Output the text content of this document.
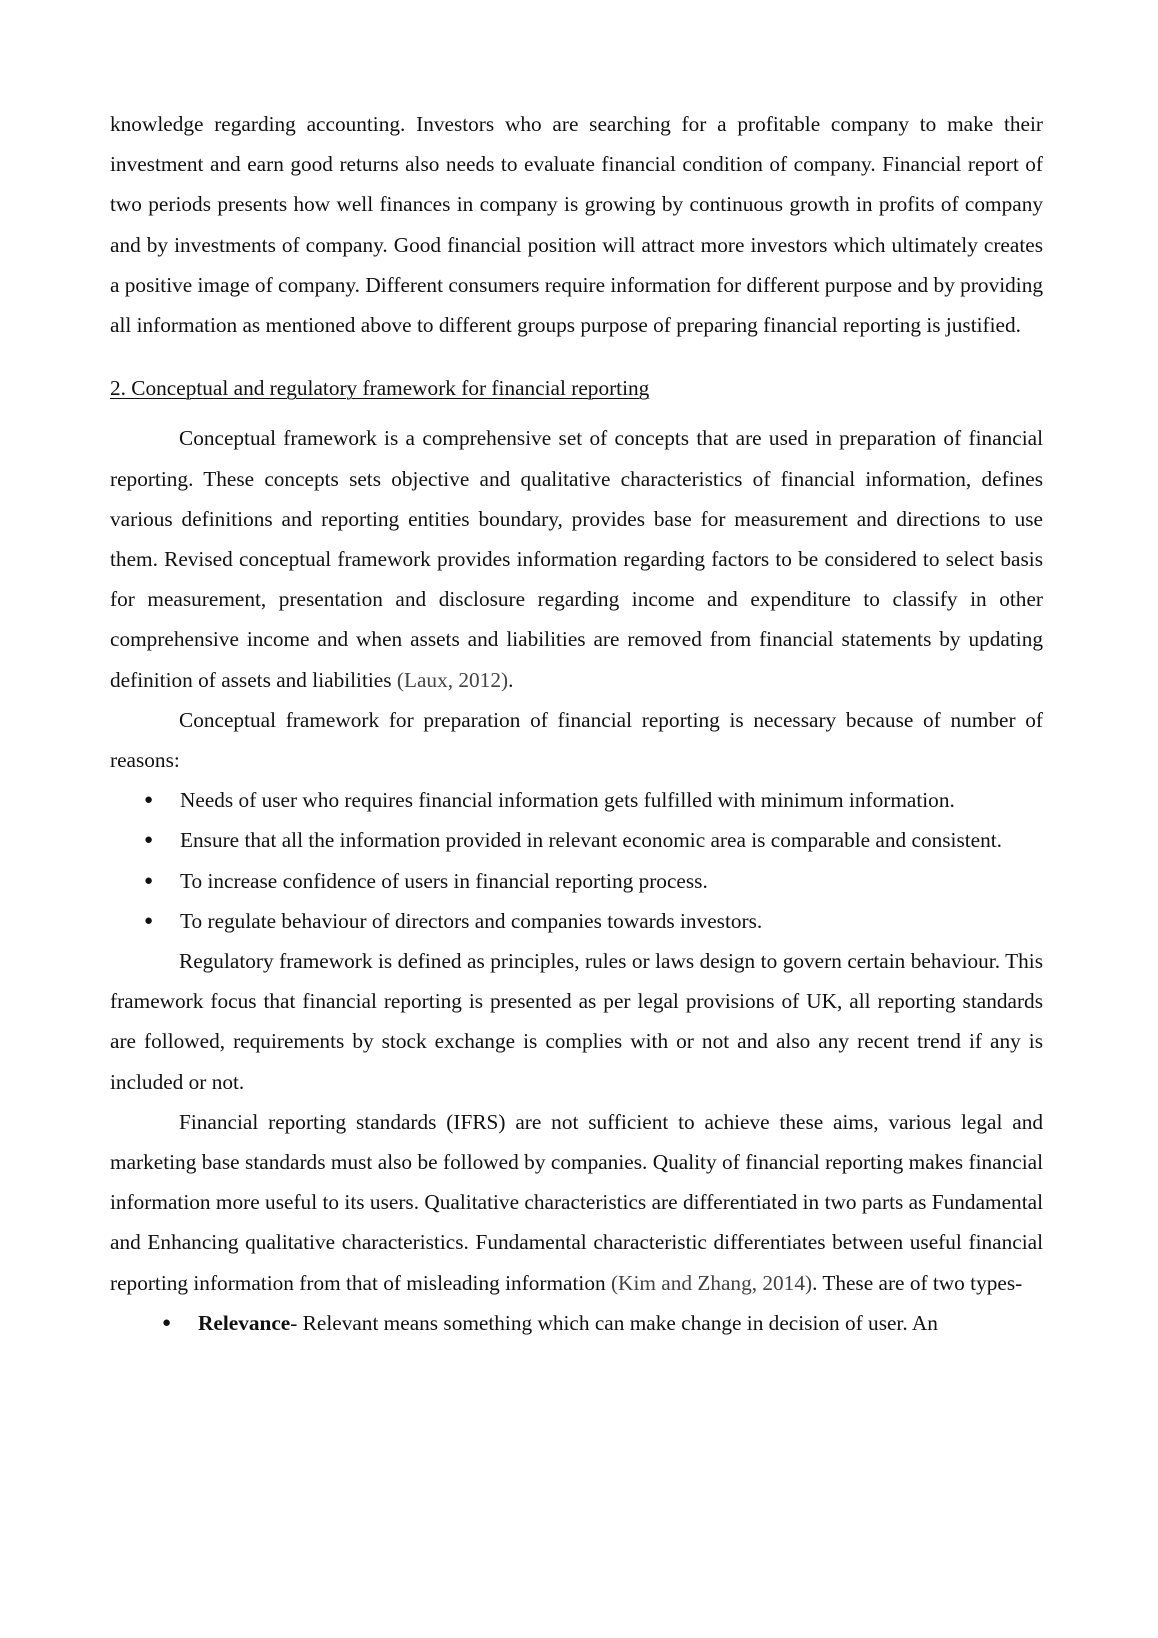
knowledge regarding accounting. Investors who are searching for a profitable company to make their investment and earn good returns also needs to evaluate financial condition of company. Financial report of two periods presents how well finances in company is growing by continuous growth in profits of company and by investments of company. Good financial position will attract more investors which ultimately creates a positive image of company. Different consumers require information for different purpose and by providing all information as mentioned above to different groups purpose of preparing financial reporting is justified.

2. Conceptual and regulatory framework for financial reporting

Conceptual framework is a comprehensive set of concepts that are used in preparation of financial reporting. These concepts sets objective and qualitative characteristics of financial information, defines various definitions and reporting entities boundary, provides base for measurement and directions to use them. Revised conceptual framework provides information regarding factors to be considered to select basis for measurement, presentation and disclosure regarding income and expenditure to classify in other comprehensive income and when assets and liabilities are removed from financial statements by updating definition of assets and liabilities (Laux, 2012).

Conceptual framework for preparation of financial reporting is necessary because of number of reasons:

● Needs of user who requires financial information gets fulfilled with minimum information.
● Ensure that all the information provided in relevant economic area is comparable and consistent.
● To increase confidence of users in financial reporting process.
● To regulate behaviour of directors and companies towards investors.

Regulatory framework is defined as principles, rules or laws design to govern certain behaviour. This framework focus that financial reporting is presented as per legal provisions of UK, all reporting standards are followed, requirements by stock exchange is complies with or not and also any recent trend if any is included or not.

Financial reporting standards (IFRS) are not sufficient to achieve these aims, various legal and marketing base standards must also be followed by companies. Quality of financial reporting makes financial information more useful to its users. Qualitative characteristics are differentiated in two parts as Fundamental and Enhancing qualitative characteristics. Fundamental characteristic differentiates between useful financial reporting information from that of misleading information (Kim and Zhang, 2014). These are of two types-

● Relevance- Relevant means something which can make change in decision of user. An
